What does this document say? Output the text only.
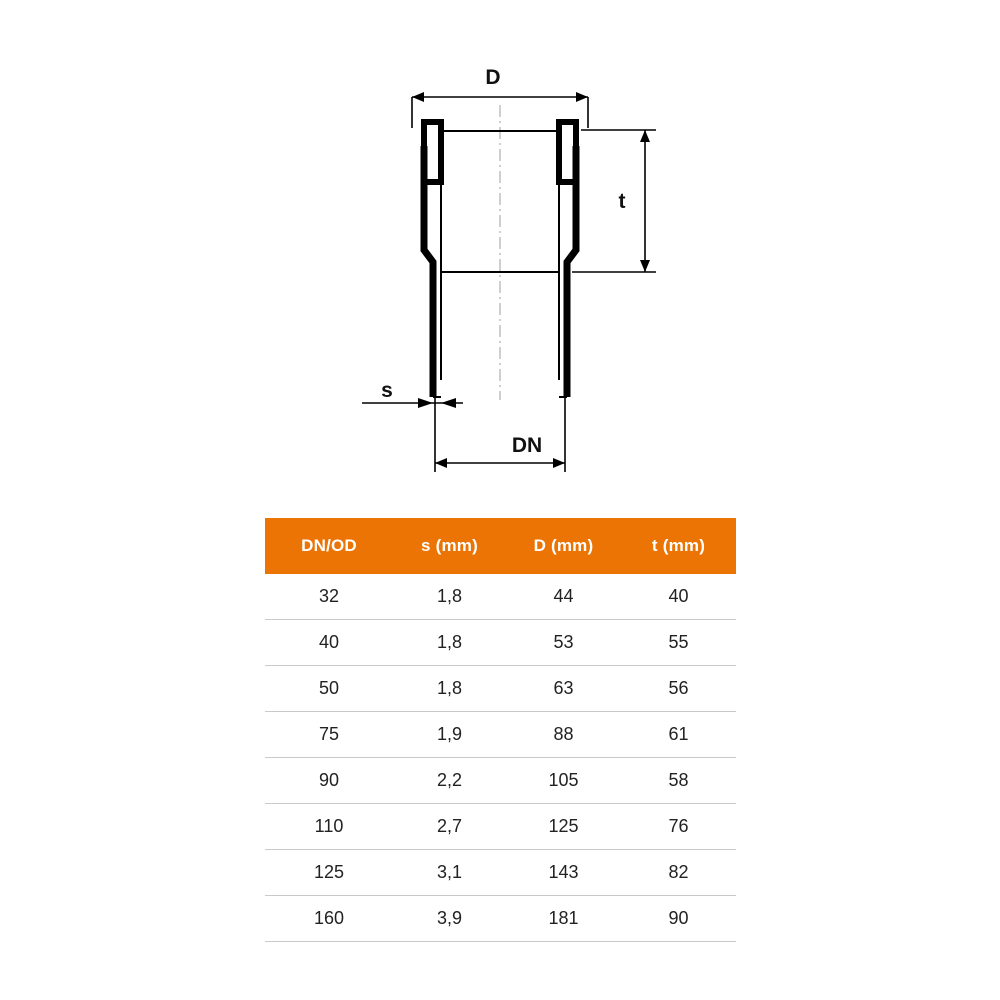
D
t
s
DN
DN/OD	s (mm)	D (mm)	t (mm)
32	1,8	44	40
40	1,8	53	55
50	1,8	63	56
75	1,9	88	61
90	2,2	105	58
110	2,7	125	76
125	3,1	143	82
160	3,9	181	90
